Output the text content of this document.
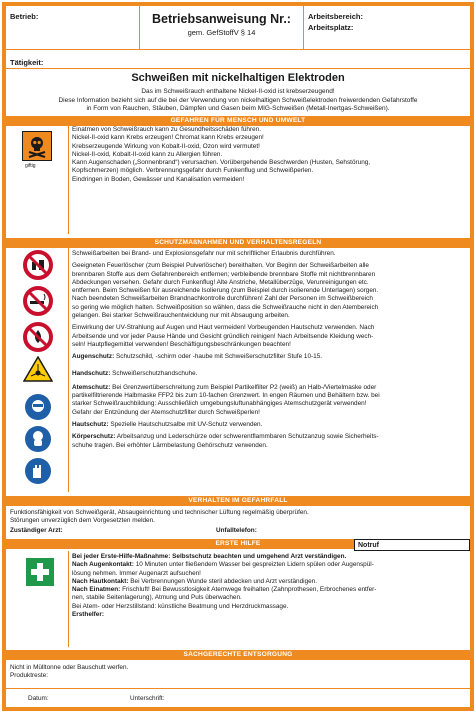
Betrieb:	Betriebsanweisung Nr.:
gem. GefStoffV § 14
Arbeitsbereich:
Arbeitsplatz:
Tätigkeit:
Schweißen mit nickelhaltigen Elektroden
Das im Schweißrauch enthaltene Nickel-II-oxid ist krebserzeugend!
Diese Information bezieht sich auf die bei der Verwendung von nickelhaltigen Schweißelektroden freiwerdenden Gefahrstoffe
in Form von Rauchen, Stäuben, Dämpfen und Gasen beim MIG-Schweißen (Metall-Inertgas-Schweißen).
GEFAHREN FÜR MENSCH UND UMWELT
giftig
Einatmen von Schweißrauch kann zu Gesundheitsschäden führen.
Nickel-II-oxid kann Krebs erzeugen! Chromat kann Krebs erzeugen!
Krebserzeugende Wirkung von Kobalt-II-oxid, Ozon wird vermutet!
Nickel-II-oxid, Kobalt-II-oxid kann zu Allergien führen.
Kann Augenschaden („Sonnenbrand“) verursachen. Vorübergehende Beschwerden (Husten, Sehstörung,
Kopfschmerzen) möglich. Verbrennungsgefahr durch Funkenflug und Schweißperlen.
Eindringen in Boden, Gewässer und Kanalisation vermeiden!
SCHUTZMAßNAHMEN UND VERHALTENSREGELN
Schweißarbeiten bei Brand- und Explosionsgefahr nur mit schriftlicher Erlaubnis durchführen.
Geeigneten Feuerlöscher (zum Beispiel Pulverlöscher) bereithalten. Vor Beginn der Schweißarbeiten alle
brennbaren Stoffe aus dem Gefahrenbereich entfernen; verbleibende brennbare Stoffe mit nichtbrennbaren
Abdeckungen versehen. Gefahr durch Funkenflug! Alte Anstriche, Metallüberzüge, Verunreinigungen etc.
entfernen. Beim Schweißen für ausreichende Isolierung (zum Beispiel durch isolierende Unterlagen) sorgen.
Nach beendeten Schweißarbeiten Brandnachkontrolle durchführen! Zahl der Personen im Schweißbereich
so gering wie möglich halten. Schweißposition so wählen, dass die Schweißrauche nicht in den Atembereich
gelangen. Bei starker Schweißrauchentwicklung nur mit Absaugung arbeiten.
Einwirkung der UV-Strahlung auf Augen und Haut vermeiden! Vorbeugenden Hautschutz verwenden. Nach
Arbeitsende und vor jeder Pause Hände und Gesicht gründlich reinigen! Nach Arbeitsende Kleidung wech-
seln! Hautpflegemittel verwenden! Beschäftigungsbeschränkungen beachten!
Augenschutz: Schutzschild, -schirm oder -haube mit Schweißerschutzfilter Stufe 10-15.
Handschutz: Schweißerschutzhandschuhe.
Atemschutz: Bei Grenzwertüberschreitung zum Beispiel Partikelfilter P2 (weiß) an Halb-/Viertelmaske oder
partikelfiltrierende Halbmaske FFP2 bis zum 10-fachen Grenzwert. In engen Räumen und Behältern bzw. bei
starker Schweißrauchbildung: Ausschließlich umgebungsluftunabhängiges Atemschutzgerät verwenden!
Gefahr der Entzündung der Atemschutzfilter durch Schweißperlen!
Hautschutz: Spezielle Hautschutzsalbe mit UV-Schutz verwenden.
Körperschutz: Arbeitsanzug und Lederschürze oder schwerentflammbaren Schutzanzug sowie Sicherheits-
schuhe tragen. Bei erhöhter Lärmbelastung Gehörschutz verwenden.
VERHALTEN IM GEFAHRFALL
Funktionsfähigkeit von Schweißgerät, Absaugeinrichtung und technischer Lüftung regelmäßig überprüfen.
Störungen unverzüglich dem Vorgesetzten melden.
Zuständiger Arzt:	Unfalltelefon:
ERSTE HILFE	Notruf
Bei jeder Erste-Hilfe-Maßnahme: Selbstschutz beachten und umgehend Arzt verständigen.
Nach Augenkontakt: 10 Minuten unter fließendem Wasser bei gespreizten Lidern spülen oder Augenspül-
lösung nehmen. Immer Augenarzt aufsuchen!
Nach Hautkontakt: Bei Verbrennungen Wunde steril abdecken und Arzt verständigen.
Nach Einatmen: Frischluft! Bei Bewusstlosigkeit Atemwege freihalten (Zahnprothesen, Erbrochenes entfer-
nen, stabile Seitenlagerung), Atmung und Puls überwachen.
Bei Atem- oder Herzstillstand: künstliche Beatmung und Herzdruckmassage.
Ersthelfer:
SACHGERECHTE ENTSORGUNG
Nicht in Mülltonne oder Bauschutt werfen.
Produktreste:
Datum:	Unterschrift:
